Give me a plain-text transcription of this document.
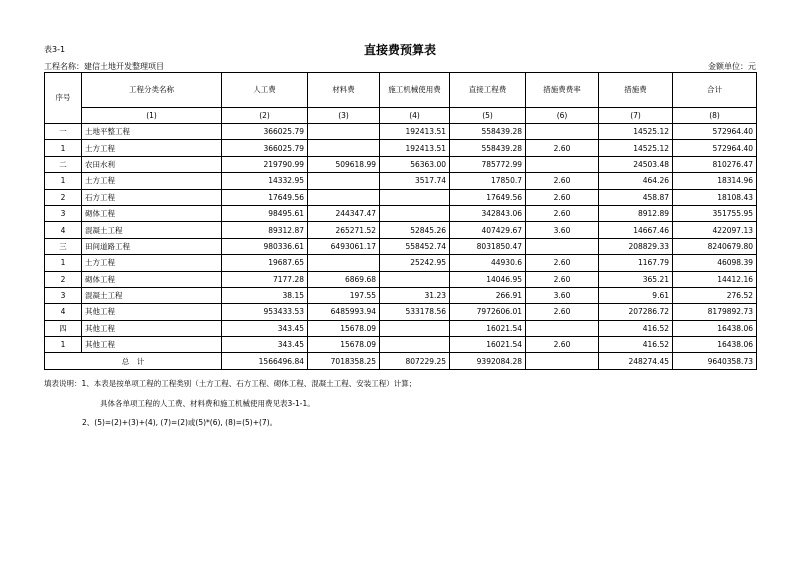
表3-1	直接费预算表
工程名称：建信土地开发整理项目	金额单位：元
序号	工程分类名称	人工费	材料费	施工机械使用费	直接工程费	措施费费率	措施费	合计
	(1)	(2)	(3)	(4)	(5)	(6)	(7)	(8)
一	土地平整工程	366025.79		192413.51	558439.28		14525.12	572964.40
1	土方工程	366025.79		192413.51	558439.28	2.60	14525.12	572964.40
二	农田水利	219790.99	509618.99	56363.00	785772.99		24503.48	810276.47
1	土方工程	14332.95		3517.74	17850.7	2.60	464.26	18314.96
2	石方工程	17649.56			17649.56	2.60	458.87	18108.43
3	砌体工程	98495.61	244347.47		342843.06	2.60	8912.89	351755.95
4	混凝土工程	89312.87	265271.52	52845.26	407429.67	3.60	14667.46	422097.13
三	田间道路工程	980336.61	6493061.17	558452.74	8031850.47		208829.33	8240679.80
1	土方工程	19687.65		25242.95	44930.6	2.60	1167.79	46098.39
2	砌体工程	7177.28	6869.68		14046.95	2.60	365.21	14412.16
3	混凝土工程	38.15	197.55	31.23	266.91	3.60	9.61	276.52
4	其他工程	953433.53	6485993.94	533178.56	7972606.01	2.60	207286.72	8179892.73
四	其他工程	343.45	15678.09		16021.54		416.52	16438.06
1	其他工程	343.45	15678.09		16021.54	2.60	416.52	16438.06
总　计		1566496.84	7018358.25	807229.25	9392084.28		248274.45	9640358.73
填表说明：1、本表是按单项工程的工程类别（土方工程、石方工程、砌体工程、混凝土工程、安装工程）计算；
具体各单项工程的人工费、材料费和施工机械使用费见表3-1-1。
2、(5)=(2)+(3)+(4), (7)=(2)或(5)*(6), (8)=(5)+(7)。
